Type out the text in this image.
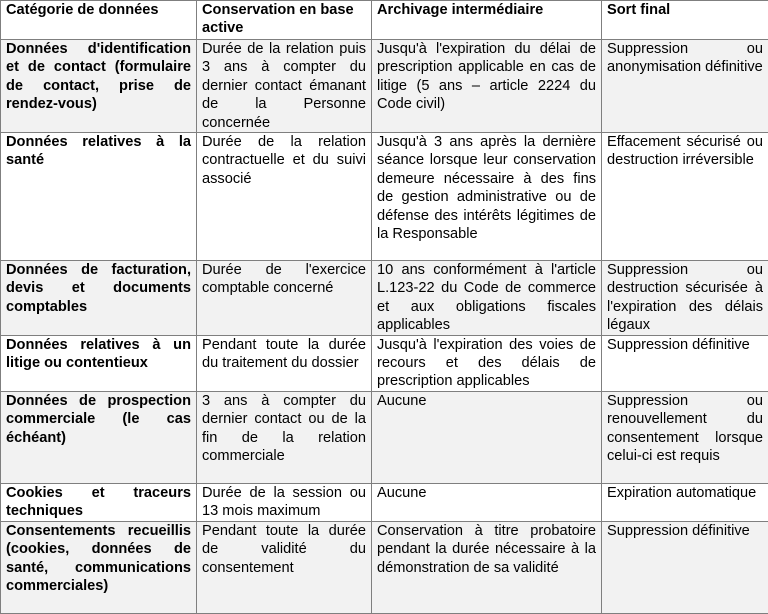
Catégorie de données	Conservation en base active	Archivage intermédiaire	Sort final
Données d'identification et de contact (formulaire de contact, prise de rendez-vous)	Durée de la relation puis 3 ans à compter du dernier contact émanant de la Personne concernée	Jusqu'à l'expiration du délai de prescription applicable en cas de litige (5 ans – article 2224 du Code civil)	Suppression ou anonymisation définitive
Données relatives à la santé	Durée de la relation contractuelle et du suivi associé	Jusqu'à 3 ans après la dernière séance lorsque leur conservation demeure nécessaire à des fins de gestion administrative ou de défense des intérêts légitimes de la Responsable	Effacement sécurisé ou destruction irréversible
Données de facturation, devis et documents comptables	Durée de l'exercice comptable concerné	10 ans conformément à l'article L.123-22 du Code de commerce et aux obligations fiscales applicables	Suppression ou destruction sécurisée à l'expiration des délais légaux
Données relatives à un litige ou contentieux	Pendant toute la durée du traitement du dossier	Jusqu'à l'expiration des voies de recours et des délais de prescription applicables	Suppression définitive
Données de prospection commerciale (le cas échéant)	3 ans à compter du dernier contact ou de la fin de la relation commerciale	Aucune	Suppression ou renouvellement du consentement lorsque celui-ci est requis
Cookies et traceurs techniques	Durée de la session ou 13 mois maximum	Aucune	Expiration automatique
Consentements recueillis (cookies, données de santé, communications commerciales)	Pendant toute la durée de validité du consentement	Conservation à titre probatoire pendant la durée nécessaire à la démonstration de sa validité	Suppression définitive
